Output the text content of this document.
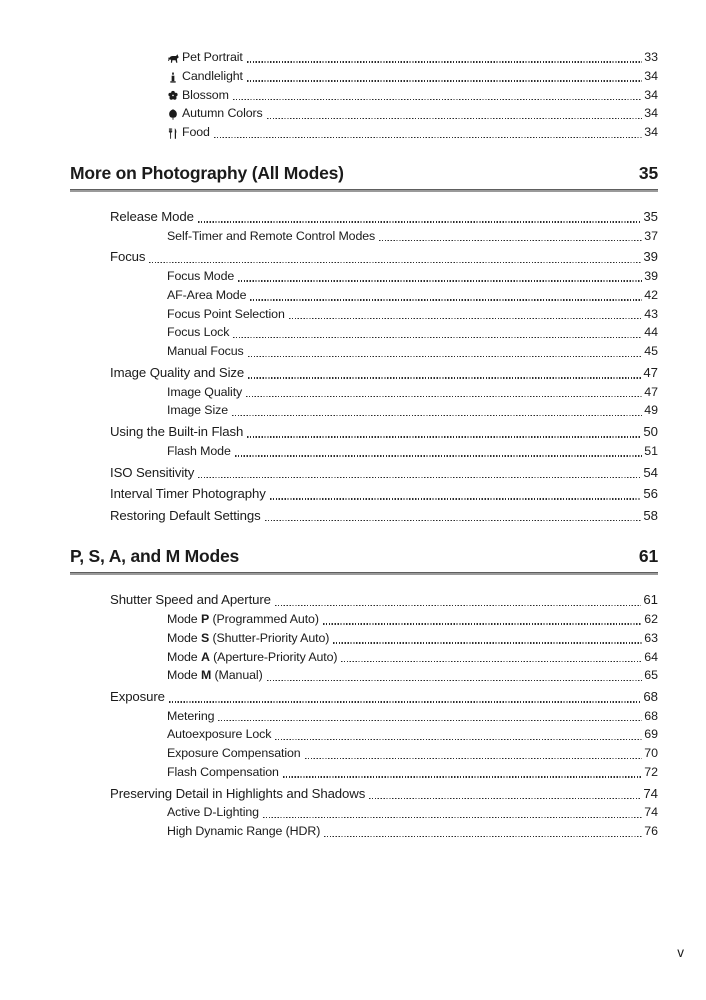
Pet Portrait	33
Candlelight	34
Blossom	34
Autumn Colors	34
Food	34
More on Photography (All Modes)	35
Release Mode	35
Self-Timer and Remote Control Modes	37
Focus	39
Focus Mode	39
AF-Area Mode	42
Focus Point Selection	43
Focus Lock	44
Manual Focus	45
Image Quality and Size	47
Image Quality	47
Image Size	49
Using the Built-in Flash	50
Flash Mode	51
ISO Sensitivity	54
Interval Timer Photography	56
Restoring Default Settings	58
P, S, A, and M Modes	61
Shutter Speed and Aperture	61
Mode P (Programmed Auto)	62
Mode S (Shutter-Priority Auto)	63
Mode A (Aperture-Priority Auto)	64
Mode M (Manual)	65
Exposure	68
Metering	68
Autoexposure Lock	69
Exposure Compensation	70
Flash Compensation	72
Preserving Detail in Highlights and Shadows	74
Active D-Lighting	74
High Dynamic Range (HDR)	76
v
